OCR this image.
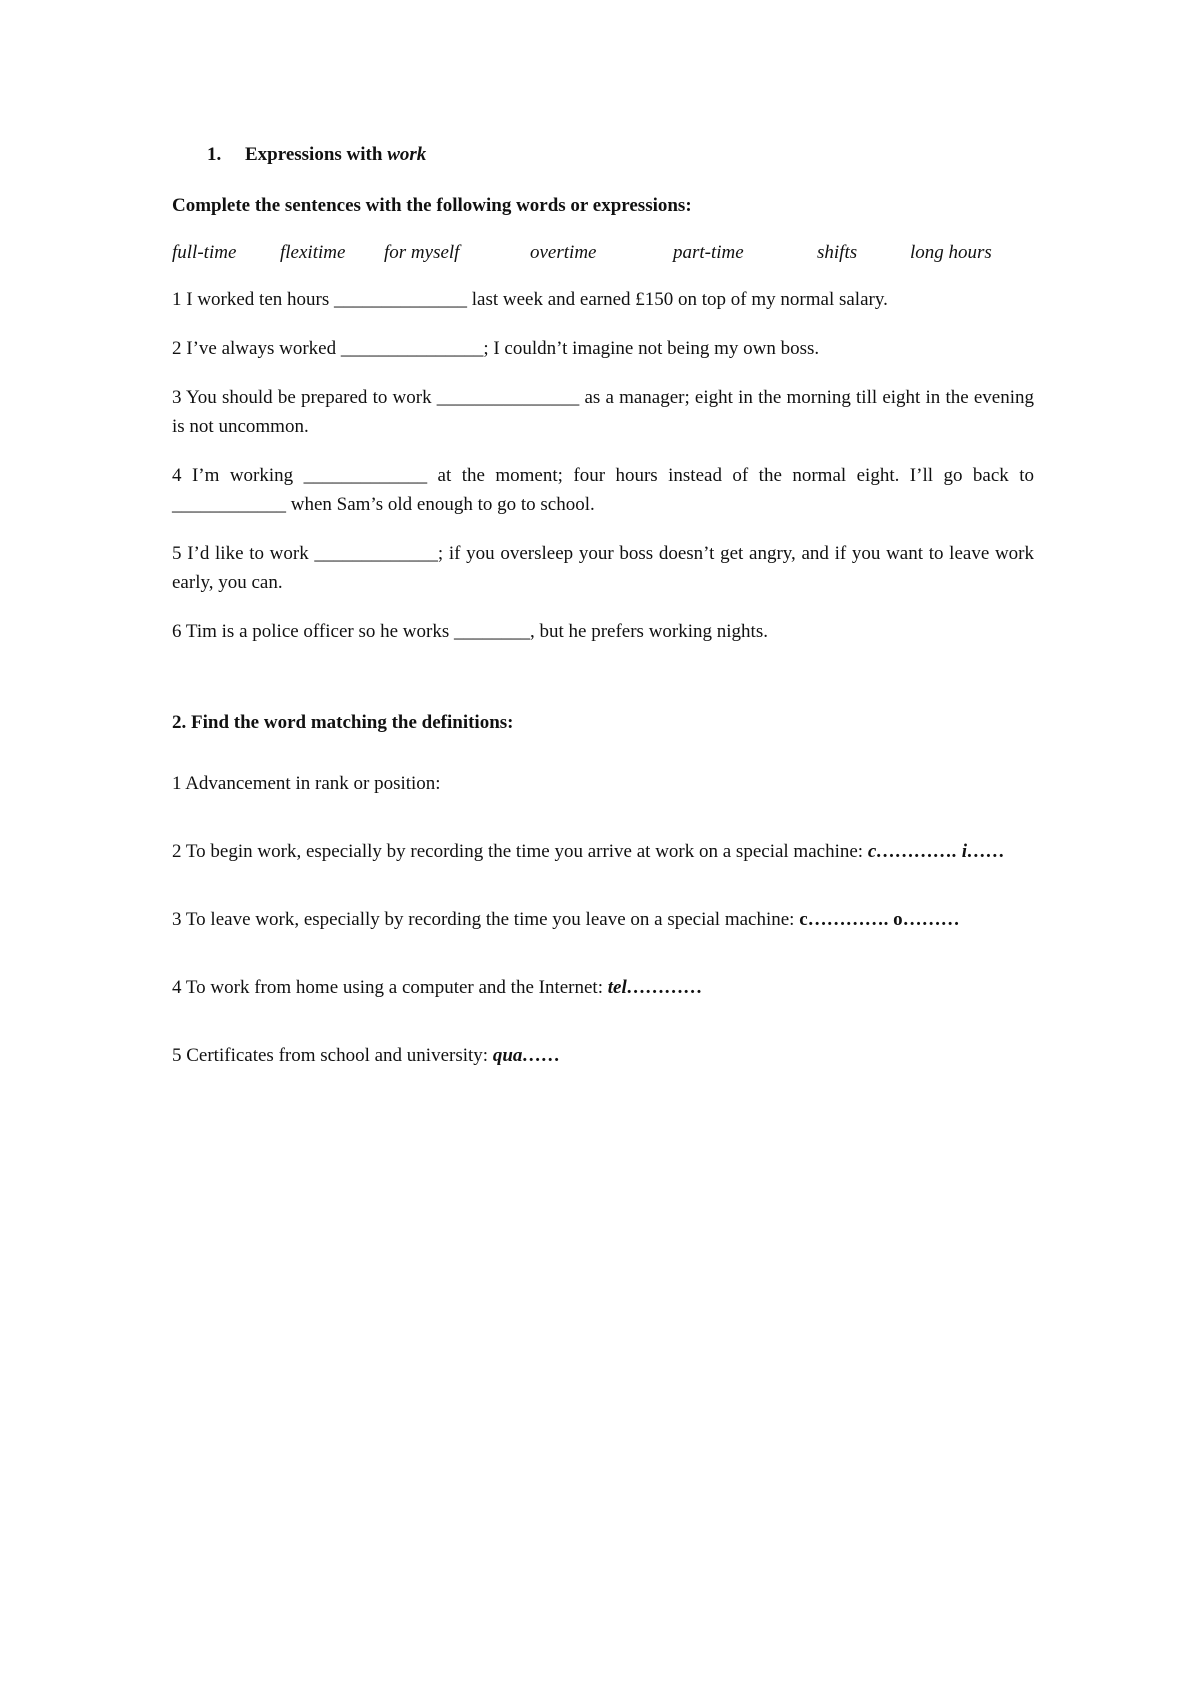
1. Expressions with work

Complete the sentences with the following words or expressions:

full-time	flexitime	for myself	overtime	part-time	shifts	long hours

1 I worked ten hours ______________ last week and earned £150 on top of my normal salary.

2 I’ve always worked _______________; I couldn’t imagine not being my own boss.

3 You should be prepared to work _______________ as a manager; eight in the morning till eight in the evening is not uncommon.

4 I’m working _____________ at the moment; four hours instead of the normal eight. I’ll go back to ____________ when Sam’s old enough to go to school.

5 I’d like to work _____________; if you oversleep your boss doesn’t get angry, and if you want to leave work early, you can.

6 Tim is a police officer so he works ________, but he prefers working nights.

2. Find the word matching the definitions:

1 Advancement in rank or position:

2 To begin work, especially by recording the time you arrive at work on a special machine: c…………. i……

3 To leave work, especially by recording the time you leave on a special machine: c…………. o………

4 To work from home using a computer and the Internet: tel…………

5 Certificates from school and university: qua……
